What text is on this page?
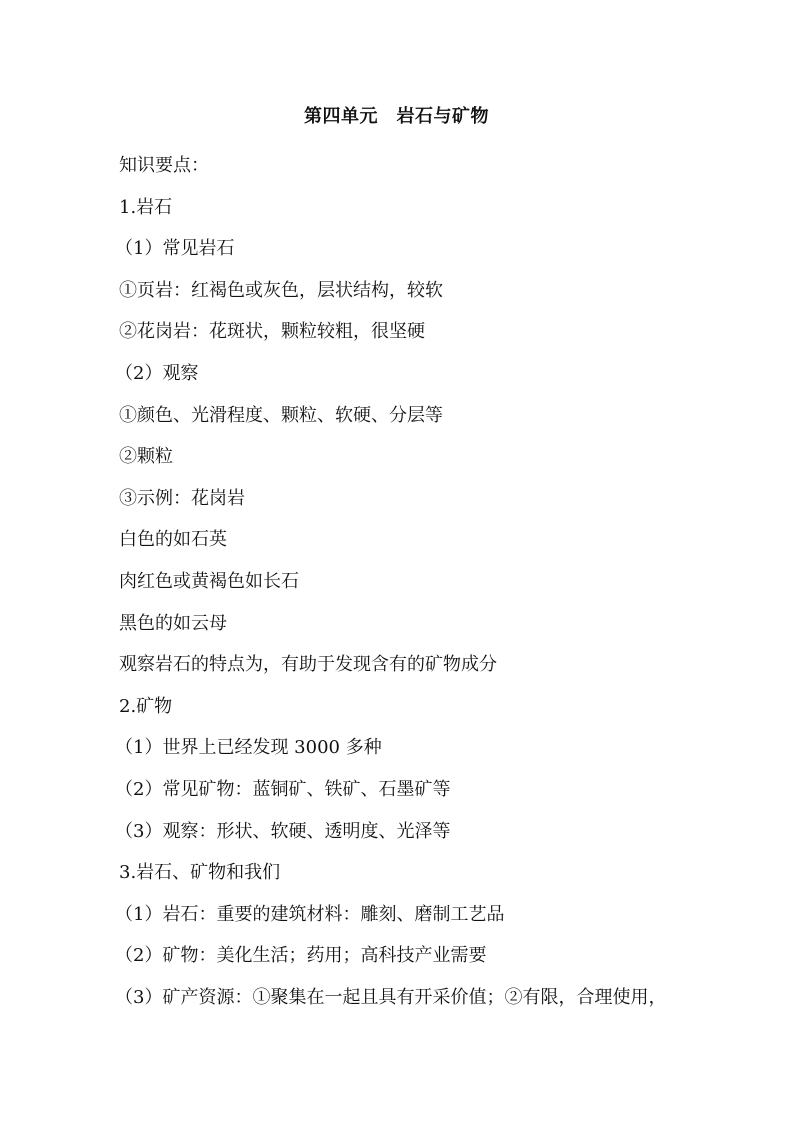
第四单元　岩石与矿物
知识要点：
1.岩石
（1）常见岩石
①页岩：红褐色或灰色，层状结构，较软
②花岗岩：花斑状，颗粒较粗，很坚硬
（2）观察
①颜色、光滑程度、颗粒、软硬、分层等
②颗粒
③示例：花岗岩
白色的如石英
肉红色或黄褐色如长石
黑色的如云母
观察岩石的特点为，有助于发现含有的矿物成分
2.矿物
（1）世界上已经发现 3000 多种
（2）常见矿物：蓝铜矿、铁矿、石墨矿等
（3）观察：形状、软硬、透明度、光泽等
3.岩石、矿物和我们
（1）岩石：重要的建筑材料：雕刻、磨制工艺品
（2）矿物：美化生活；药用；高科技产业需要
（3）矿产资源：①聚集在一起且具有开采价值；②有限，合理使用，
